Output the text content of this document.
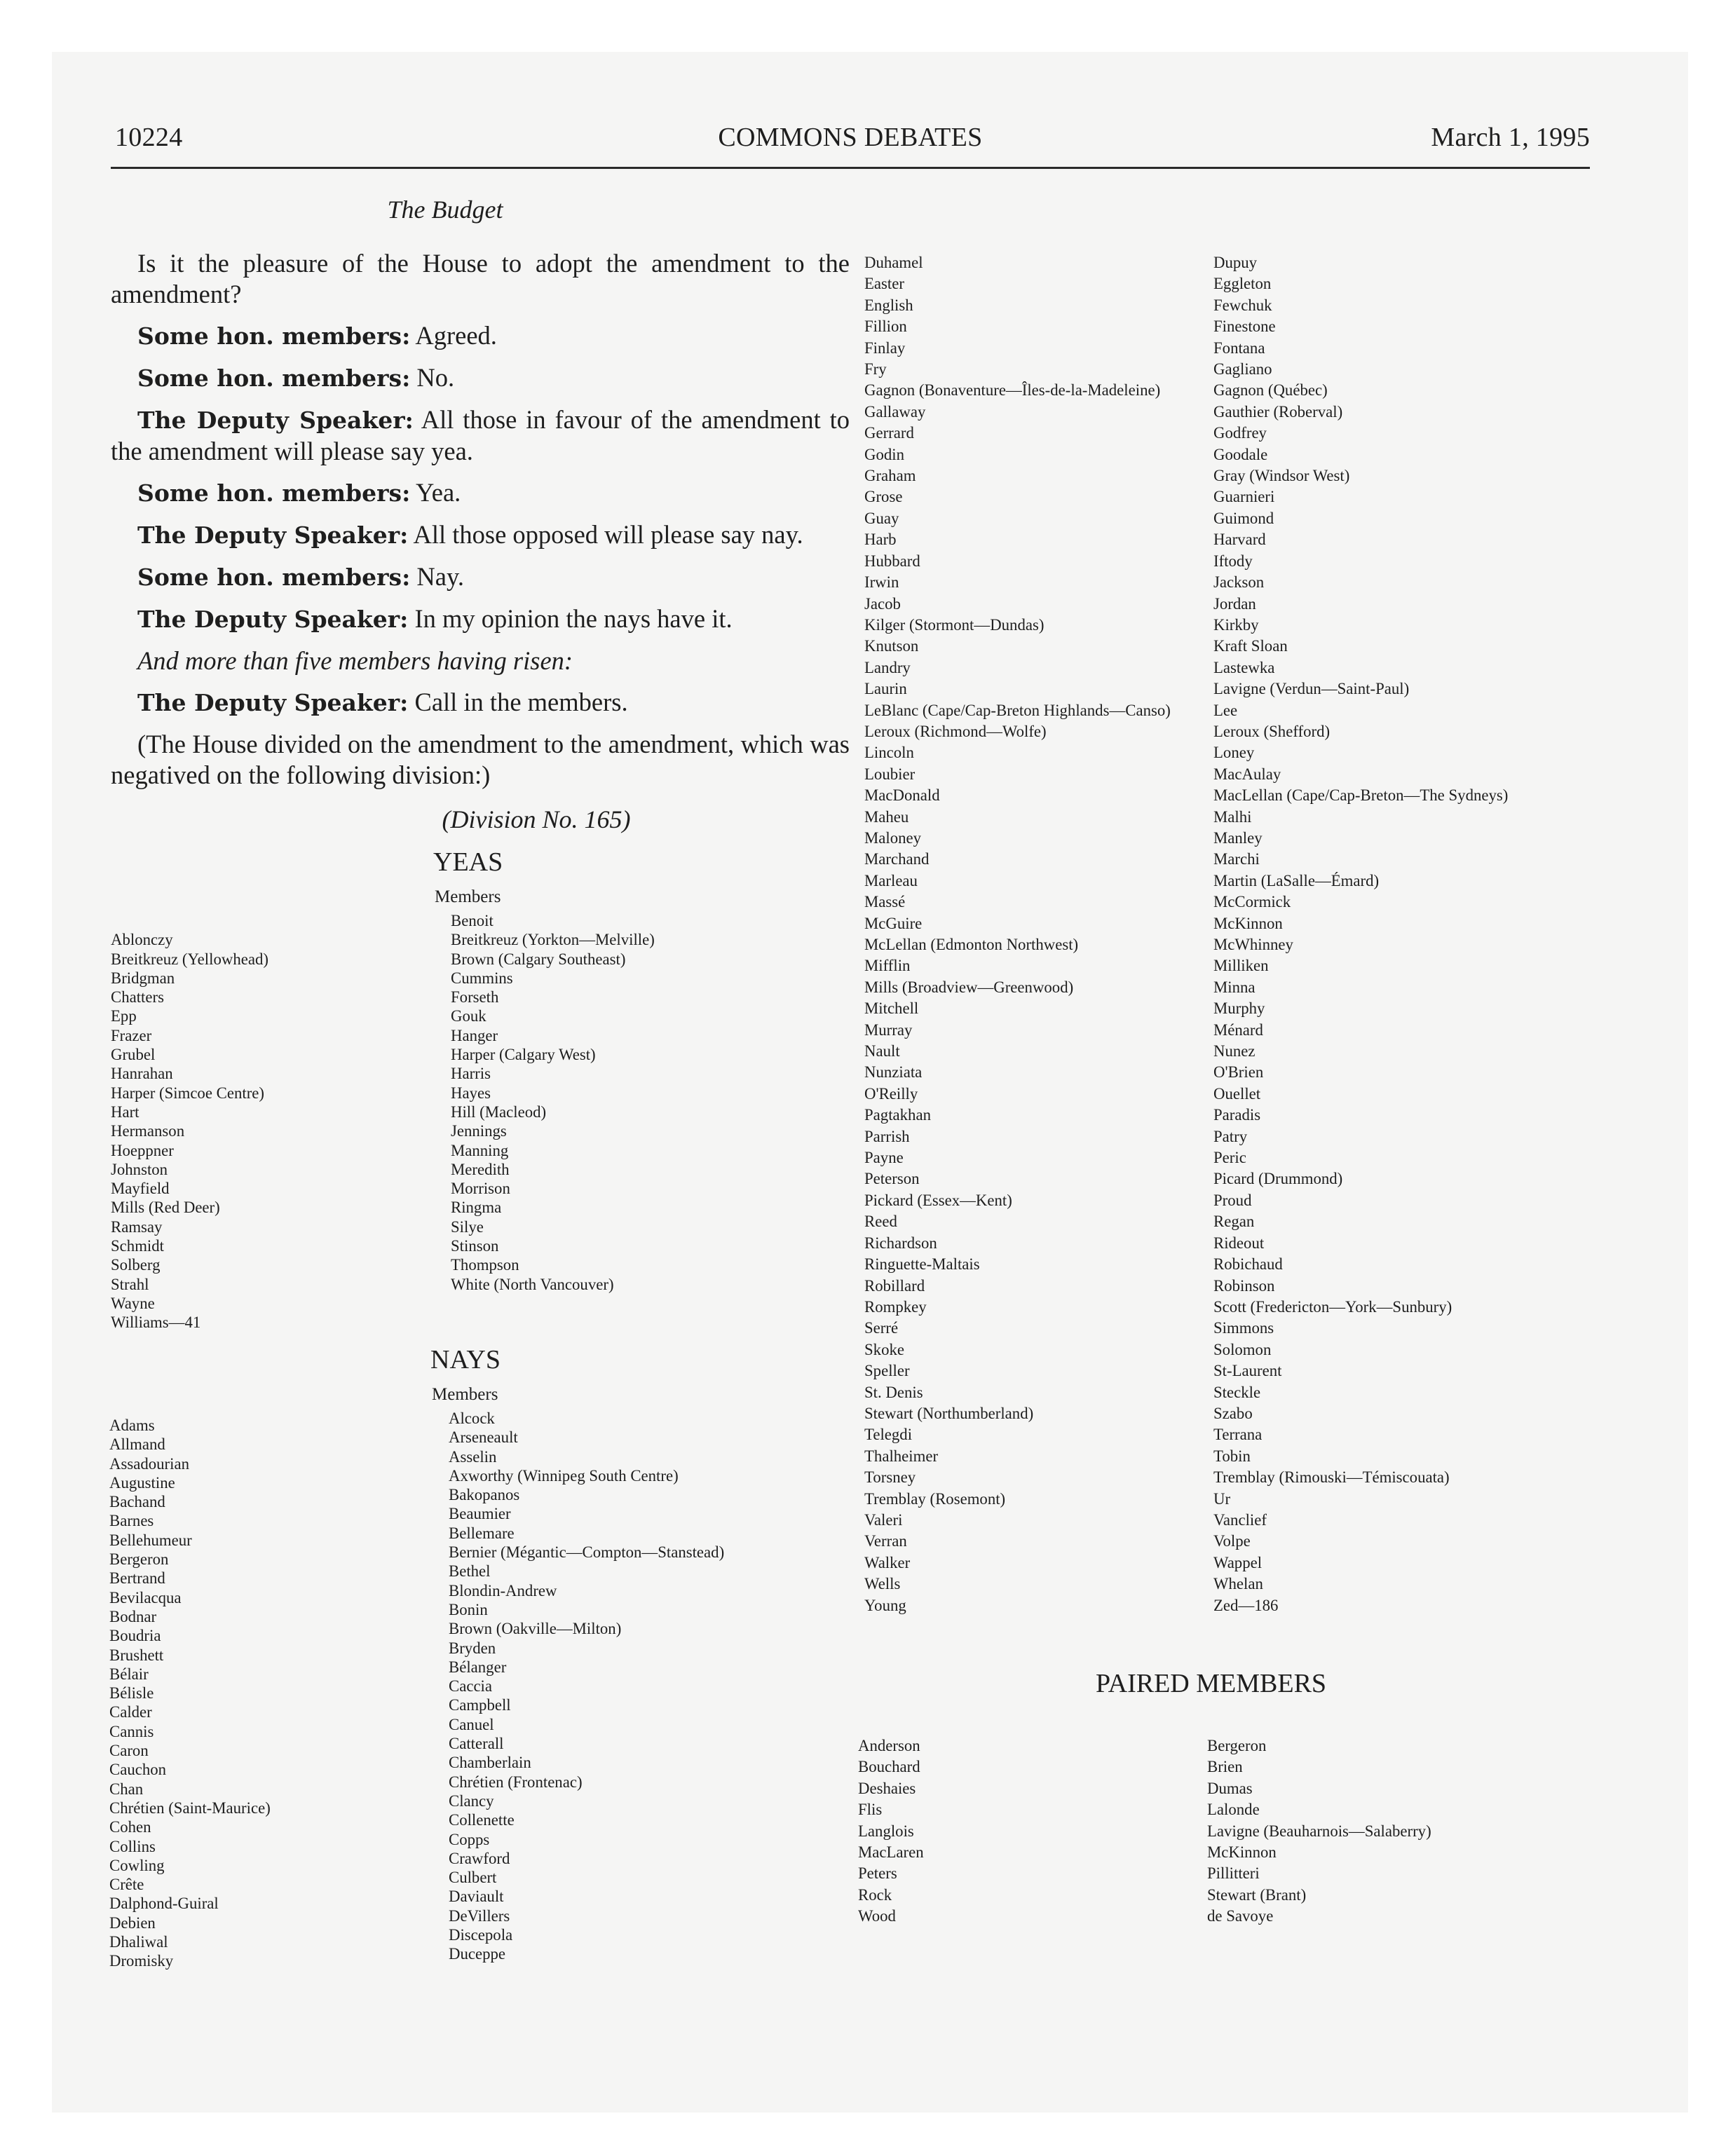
COMMONS DEBATES
10224	March 1, 1995
The Budget

Is it the pleasure of the House to adopt the amendment to the amendment?

Some hon. members: Agreed.

Some hon. members: No.

The Deputy Speaker: All those in favour of the amendment to the amendment will please say yea.

Some hon. members: Yea.

The Deputy Speaker: All those opposed will please say nay.

Some hon. members: Nay.

The Deputy Speaker: In my opinion the nays have it.

And more than five members having risen:

The Deputy Speaker: Call in the members.

(The House divided on the amendment to the amendment, which was negatived on the following division:)

(Division No. 165)
YEAS
Members

Ablonczy
Breitkreuz (Yellowhead)
Bridgman
Chatters
Epp
Frazer
Grubel
Hanrahan
Harper (Simcoe Centre)
Hart
Hermanson
Hoeppner
Johnston
Mayfield
Mills (Red Deer)
Ramsay
Schmidt
Solberg
Strahl
Wayne
Williams—41
Benoit
Breitkreuz (Yorkton—Melville)
Brown (Calgary Southeast)
Cummins
Forseth
Gouk
Hanger
Harper (Calgary West)
Harris
Hayes
Hill (Macleod)
Jennings
Manning
Meredith
Morrison
Ringma
Silye
Stinson
Thompson
White (North Vancouver)
NAYS
Members
Adams
Allmand
Assadourian
Augustine
Bachand
Barnes
Bellehumeur
Bergeron
Bertrand
Bevilacqua
Bodnar
Boudria
Brushett
Bélair
Bélisle
Calder
Cannis
Caron
Cauchon
Chan
Chrétien (Saint-Maurice)
Cohen
Collins
Cowling
Crête
Dalphond-Guiral
Debien
Dhaliwal
Dromisky
Alcock
Arseneault
Asselin
Axworthy (Winnipeg South Centre)
Bakopanos
Beaumier
Bellemare
Bernier (Mégantic—Compton—Stanstead)
Bethel
Blondin-Andrew
Bonin
Brown (Oakville—Milton)
Bryden
Bélanger
Caccia
Campbell
Canuel
Catterall
Chamberlain
Chrétien (Frontenac)
Clancy
Collenette
Copps
Crawford
Culbert
Daviault
DeVillers
Discepola
Duceppe
Duhamel
Easter
English
Fillion
Finlay
Fry
Gagnon (Bonaventure—Îles-de-la-Madeleine)
Gallaway
Gerrard
Godin
Graham
Grose
Guay
Harb
Hubbard
Irwin
Jacob
Kilger (Stormont—Dundas)
Knutson
Landry
Laurin
LeBlanc (Cape/Cap-Breton Highlands—Canso)
Leroux (Richmond—Wolfe)
Lincoln
Loubier
MacDonald
Maheu
Maloney
Marchand
Marleau
Massé
McGuire
McLellan (Edmonton Northwest)
Mifflin
Mills (Broadview—Greenwood)
Mitchell
Murray
Nault
Nunziata
O'Reilly
Pagtakhan
Parrish
Payne
Peterson
Pickard (Essex—Kent)
Reed
Richardson
Ringuette-Maltais
Robillard
Rompkey
Serré
Skoke
Speller
St. Denis
Stewart (Northumberland)
Telegdi
Thalheimer
Torsney
Tremblay (Rosemont)
Valeri
Verran
Walker
Wells
Young
Dupuy
Eggleton
Fewchuk
Finestone
Fontana
Gagliano
Gagnon (Québec)
Gauthier (Roberval)
Godfrey
Goodale
Gray (Windsor West)
Guarnieri
Guimond
Harvard
Iftody
Jackson
Jordan
Kirkby
Kraft Sloan
Lastewka
Lavigne (Verdun—Saint-Paul)
Lee
Leroux (Shefford)
Loney
MacAulay
MacLellan (Cape/Cap-Breton—The Sydneys)
Malhi
Manley
Marchi
Martin (LaSalle—Émard)
McCormick
McKinnon
McWhinney
Milliken
Minna
Murphy
Ménard
Nunez
O'Brien
Ouellet
Paradis
Patry
Peric
Picard (Drummond)
Proud
Regan
Rideout
Robichaud
Robinson
Scott (Fredericton—York—Sunbury)
Simmons
Solomon
St-Laurent
Steckle
Szabo
Terrana
Tobin
Tremblay (Rimouski—Témiscouata)
Ur
Vanclief
Volpe
Wappel
Whelan
Zed—186
PAIRED MEMBERS
Anderson
Bouchard
Deshaies
Flis
Langlois
MacLaren
Peters
Rock
Wood
Bergeron
Brien
Dumas
Lalonde
Lavigne (Beauharnois—Salaberry)
McKinnon
Pillitteri
Stewart (Brant)
de Savoye
